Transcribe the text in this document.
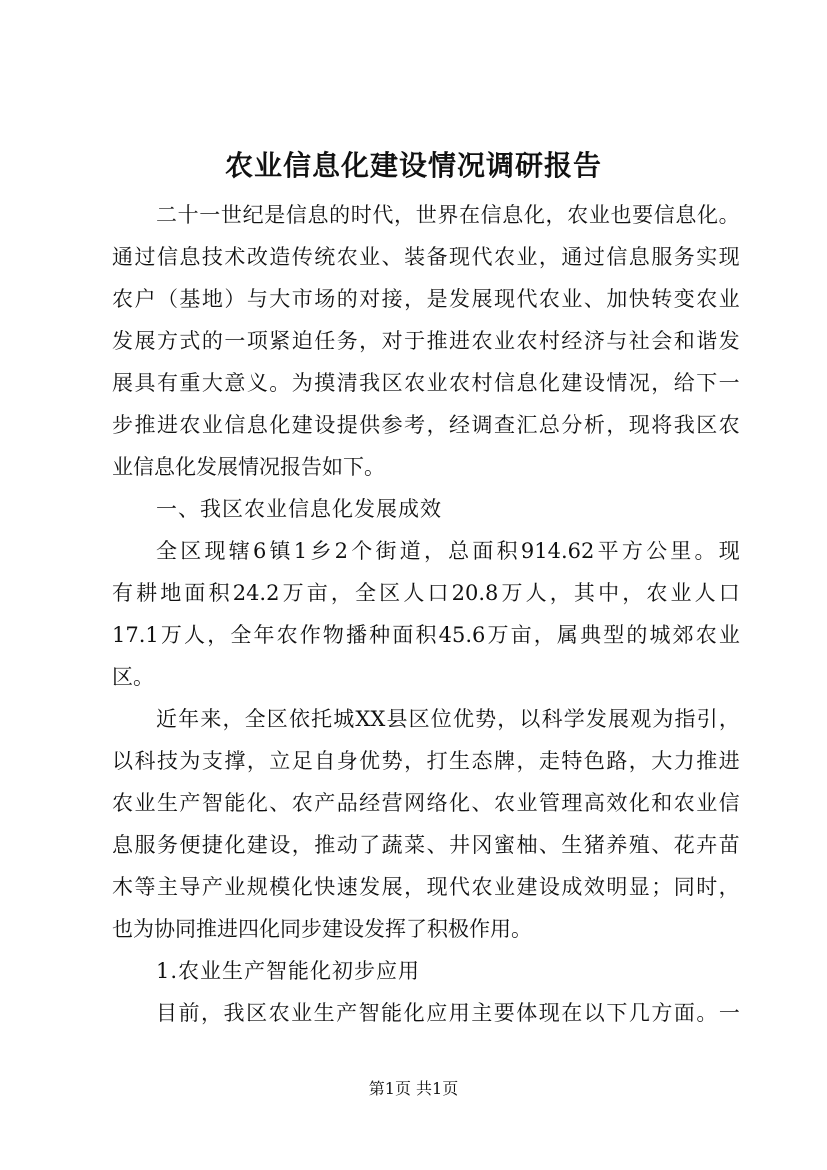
农业信息化建设情况调研报告
二 十 一 世 纪 是 信 息 的 时 代 ， 世 界 在 信 息 化 ， 农 业 也 要 信 息 化 。
通 过 信 息 技 术 改 造 传 统 农 业 、 装 备 现 代 农 业 ， 通 过 信 息 服 务 实 现
农 户 （ 基 地 ） 与 大 市 场 的 对 接 ， 是 发 展 现 代 农 业 、 加 快 转 变 农 业
发 展 方 式 的 一 项 紧 迫 任 务 ， 对 于 推 进 农 业 农 村 经 济 与 社 会 和 谐 发
展 具 有 重 大 意 义 。 为 摸 清 我 区 农 业 农 村 信 息 化 建 设 情 况 ， 给 下 一
步 推 进 农 业 信 息 化 建 设 提 供 参 考 ， 经 调 查 汇 总 分 析 ， 现 将 我 区 农
业信息化发展情况报告如下。
一、我区农业信息化发展成效
全 区 现 辖 6 镇 1 乡 2 个 街 道 ， 总 面 积 914.62 平 方 公 里 。 现
有 耕 地 面 积 24.2 万 亩 ， 全 区 人 口 20.8 万 人 ， 其 中 ， 农 业 人 口
17.1 万 人 ， 全 年 农 作 物 播 种 面 积 45.6 万 亩 ， 属 典 型 的 城 郊 农 业
区。
近 年 来 ， 全 区 依 托 城 XX 县 区 位 优 势 ， 以 科 学 发 展 观 为 指 引 ，
以 科 技 为 支 撑 ， 立 足 自 身 优 势 ， 打 生 态 牌 ， 走 特 色 路 ， 大 力 推 进
农 业 生 产 智 能 化 、 农 产 品 经 营 网 络 化 、 农 业 管 理 高 效 化 和 农 业 信
息 服 务 便 捷 化 建 设 ， 推 动 了 蔬 菜 、 井 冈 蜜 柚 、 生 猪 养 殖 、 花 卉 苗
木 等 主 导 产 业 规 模 化 快 速 发 展 ， 现 代 农 业 建 设 成 效 明 显 ； 同 时 ，
也为协同推进四化同步建设发挥了积极作用。
1.农业生产智能化初步应用
目 前 ， 我 区 农 业 生 产 智 能 化 应 用 主 要 体 现 在 以 下 几 方 面 。 一
第1页 共1页
